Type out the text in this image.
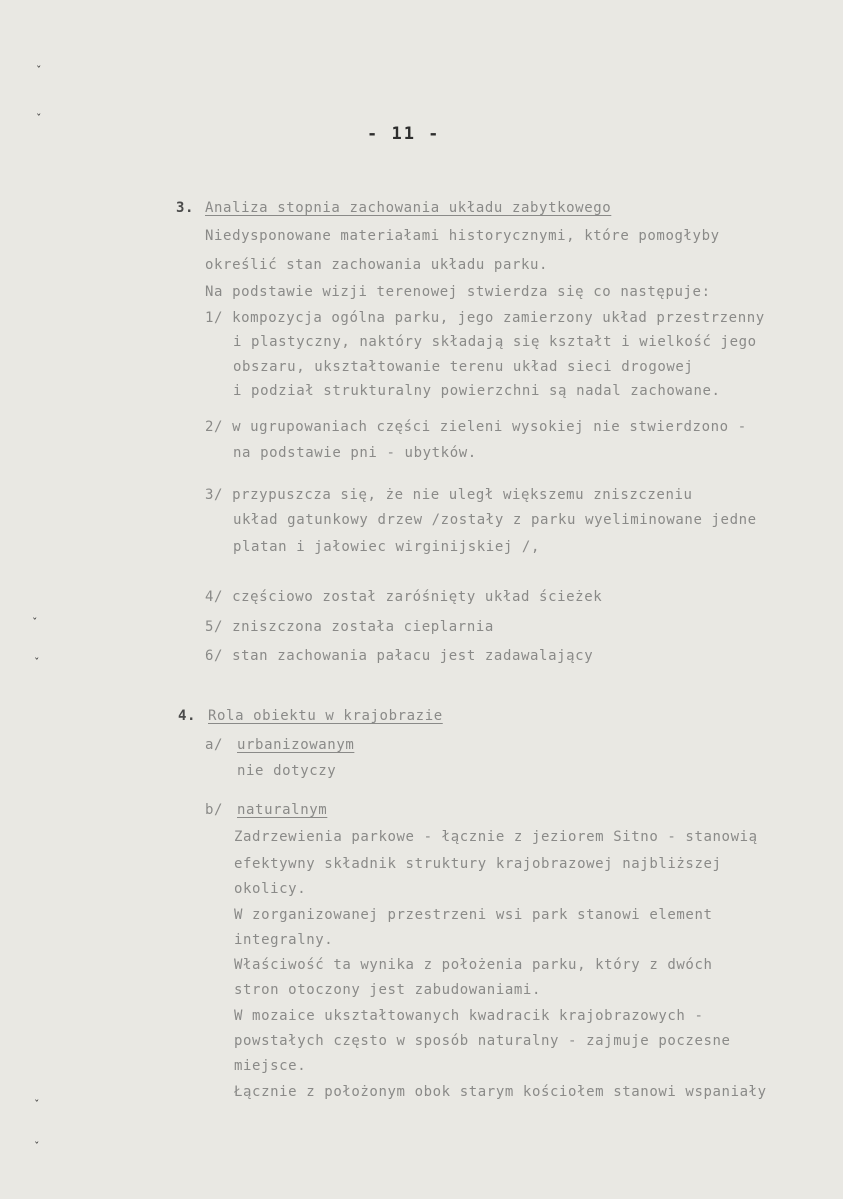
ˇ
ˇ
ˇ
ˇ
ˇ
ˇ
- 11 -
3. Analiza stopnia zachowania układu zabytkowego
Niedysponowane materiałami historycznymi, które pomogłyby
określić stan zachowania układu parku.
Na podstawie wizji terenowej stwierdza się co następuje:
1/ kompozycja ogólna parku, jego zamierzony układ przestrzenny
i plastyczny, naktóry składają się kształt i wielkość jego
obszaru, ukształtowanie terenu układ sieci drogowej
i podział strukturalny powierzchni są nadal zachowane.
2/ w ugrupowaniach części zieleni wysokiej nie stwierdzono -
na podstawie pni - ubytków.
3/ przypuszcza się, że nie uległ większemu zniszczeniu
układ gatunkowy drzew /zostały z parku wyeliminowane jedne
platan i jałowiec wirginijskiej /,
4/ częściowo został zaróśnięty układ ścieżek
5/ zniszczona została cieplarnia
6/ stan zachowania pałacu jest zadawalający
4. Rola obiektu w krajobrazie
a/ urbanizowanym
nie dotyczy
b/ naturalnym
Zadrzewienia parkowe - łącznie z jeziorem Sitno - stanowią
efektywny składnik struktury krajobrazowej najbliższej
okolicy.
W zorganizowanej przestrzeni wsi park stanowi element
integralny.
Właściwość ta wynika z położenia parku, który z dwóch
stron otoczony jest zabudowaniami.
W mozaice ukształtowanych kwadracik krajobrazowych -
powstałych często w sposób naturalny - zajmuje poczesne
miejsce.
Łącznie z położonym obok starym kościołem stanowi wspaniały
